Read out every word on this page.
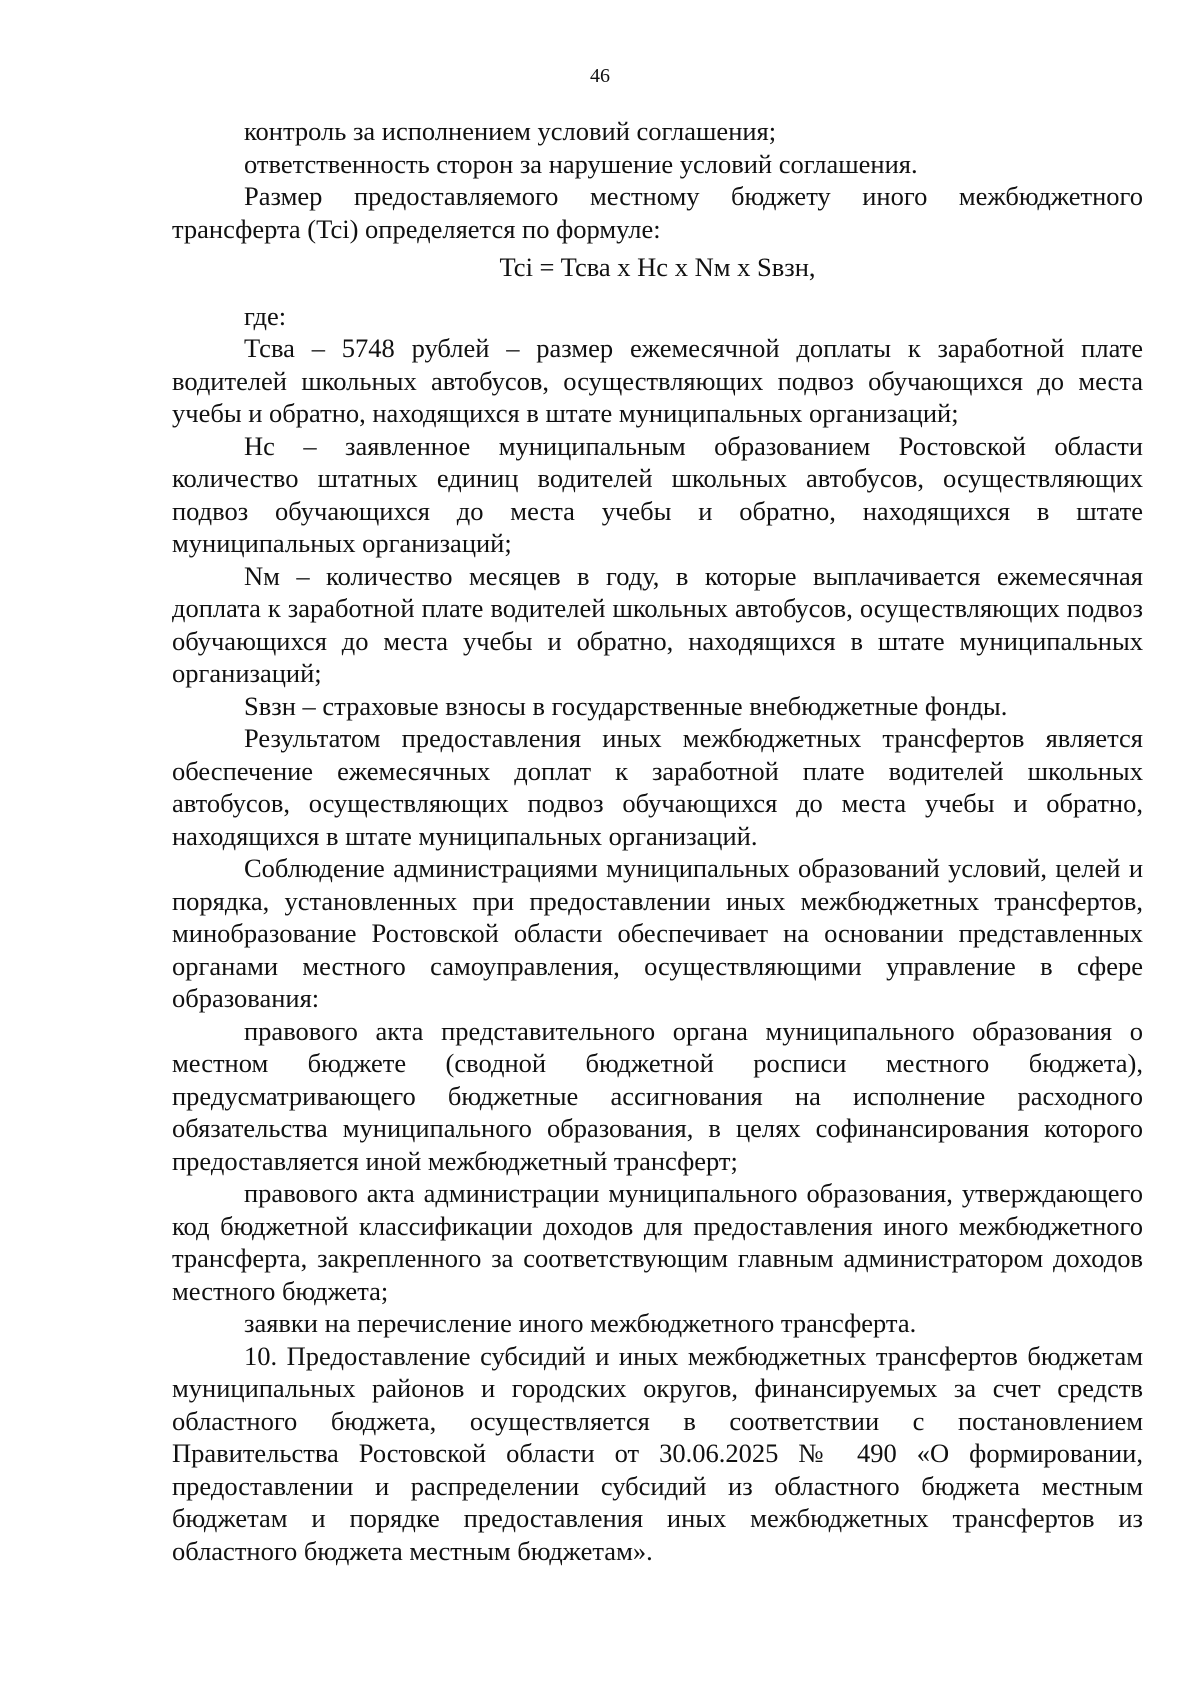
46

контроль за исполнением условий соглашения;

ответственность сторон за нарушение условий соглашения.

Размер предоставляемого местному бюджету иного межбюджетного трансферта (Tci) определяется по формуле:

Tci = Tcва x Нс x Nм x Sвзн,

где:

Тсва – 5748 рублей – размер ежемесячной доплаты к заработной плате водителей школьных автобусов, осуществляющих подвоз обучающихся до места учебы и обратно, находящихся в штате муниципальных организаций;

Нс – заявленное муниципальным образованием Ростовской области количество штатных единиц водителей школьных автобусов, осуществляющих подвоз обучающихся до места учебы и обратно, находящихся в штате муниципальных организаций;

Nм – количество месяцев в году, в которые выплачивается ежемесячная доплата к заработной плате водителей школьных автобусов, осуществляющих подвоз обучающихся до места учебы и обратно, находящихся в штате муниципальных организаций;

Sвзн – страховые взносы в государственные внебюджетные фонды.

Результатом предоставления иных межбюджетных трансфертов является обеспечение ежемесячных доплат к заработной плате водителей школьных автобусов, осуществляющих подвоз обучающихся до места учебы и обратно, находящихся в штате муниципальных организаций.

Соблюдение администрациями муниципальных образований условий, целей и порядка, установленных при предоставлении иных межбюджетных трансфертов, минобразование Ростовской области обеспечивает на основании представленных органами местного самоуправления, осуществляющими управление в сфере образования:

правового акта представительного органа муниципального образования о местном бюджете (сводной бюджетной росписи местного бюджета), предусматривающего бюджетные ассигнования на исполнение расходного обязательства муниципального образования, в целях софинансирования которого предоставляется иной межбюджетный трансферт;

правового акта администрации муниципального образования, утверждающего код бюджетной классификации доходов для предоставления иного межбюджетного трансферта, закрепленного за соответствующим главным администратором доходов местного бюджета;

заявки на перечисление иного межбюджетного трансферта.

10. Предоставление субсидий и иных межбюджетных трансфертов бюджетам муниципальных районов и городских округов, финансируемых за счет средств областного бюджета, осуществляется в соответствии с постановлением Правительства Ростовской области от 30.06.2025 № 490 «О формировании, предоставлении и распределении субсидий из областного бюджета местным бюджетам и порядке предоставления иных межбюджетных трансфертов из областного бюджета местным бюджетам».
